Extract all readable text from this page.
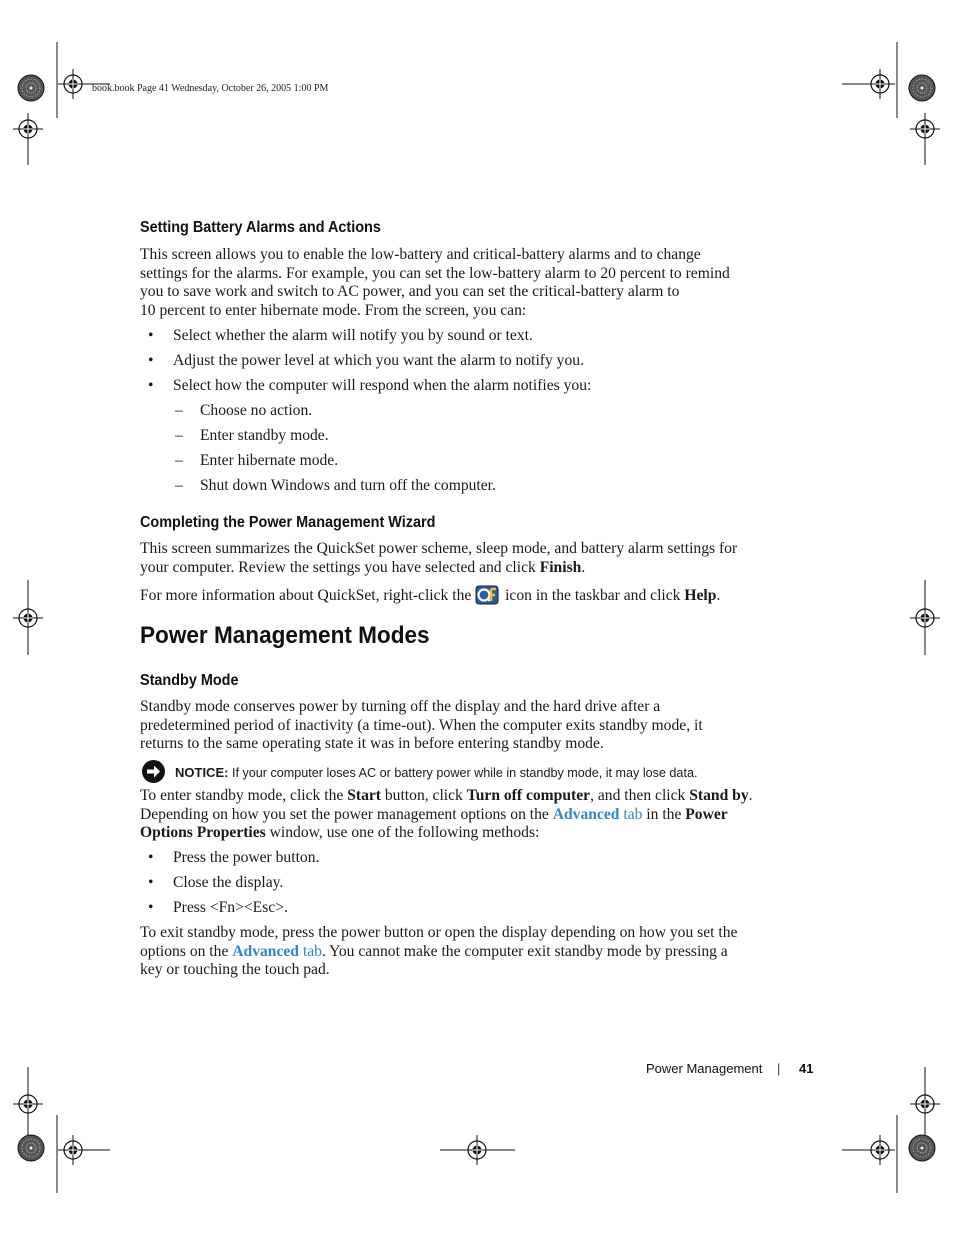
book.book Page 41 Wednesday, October 26, 2005 1:00 PM
Setting Battery Alarms and Actions
This screen allows you to enable the low-battery and critical-battery alarms and to change
settings for the alarms. For example, you can set the low-battery alarm to 20 percent to remind
you to save work and switch to AC power, and you can set the critical-battery alarm to
10 percent to enter hibernate mode. From the screen, you can:
• Select whether the alarm will notify you by sound or text.
• Adjust the power level at which you want the alarm to notify you.
• Select how the computer will respond when the alarm notifies you:
– Choose no action.
– Enter standby mode.
– Enter hibernate mode.
– Shut down Windows and turn off the computer.
Completing the Power Management Wizard
This screen summarizes the QuickSet power scheme, sleep mode, and battery alarm settings for
your computer. Review the settings you have selected and click Finish.
For more information about QuickSet, right-click the  icon in the taskbar and click Help.
Power Management Modes
Standby Mode
Standby mode conserves power by turning off the display and the hard drive after a
predetermined period of inactivity (a time-out). When the computer exits standby mode, it
returns to the same operating state it was in before entering standby mode.
NOTICE: If your computer loses AC or battery power while in standby mode, it may lose data.
To enter standby mode, click the Start button, click Turn off computer, and then click Stand by.
Depending on how you set the power management options on the Advanced tab in the Power
Options Properties window, use one of the following methods:
• Press the power button.
• Close the display.
• Press <Fn><Esc>.
To exit standby mode, press the power button or open the display depending on how you set the
options on the Advanced tab. You cannot make the computer exit standby mode by pressing a
key or touching the touch pad.
Power Management | 41
